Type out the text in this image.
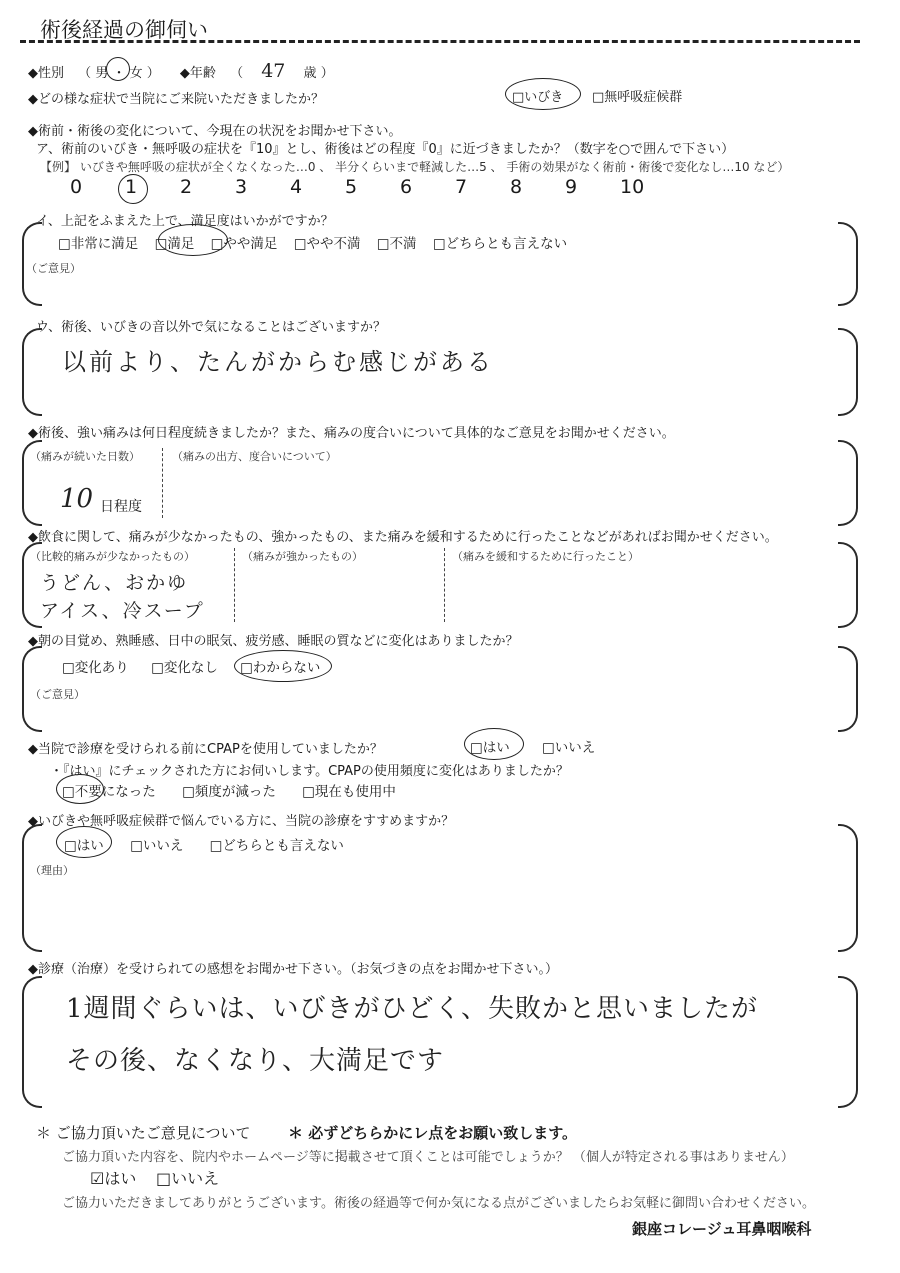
術後経過の御伺い
◆性別 （ 男 ・ 女 ） ◆年齢 （ 47 歳 ）
◆どの様な症状で当院にご来院いただきましたか？	□いびき □無呼吸症候群
◆術前・術後の変化について、今現在の状況をお聞かせ下さい。
ア、術前のいびき・無呼吸の症状を『10』とし、術後はどの程度『0』に近づきましたか？（数字を○で囲んで下さい）
【例】 いびきや無呼吸の症状が全くなくなった…0 、 半分くらいまで軽減した…5 、 手術の効果がなく術前・術後で変化なし…10 など）
0 1 2 3 4 5 6 7 8 9 10
イ、上記をふまえた上で、満足度はいかがですか？
□非常に満足 □満足 □やや満足 □やや不満 □不満 □どちらとも言えない
（ご意見）
ウ、術後、いびきの音以外で気になることはございますか？
以前より、たんがからむ感じがある
◆術後、強い痛みは何日程度続きましたか？また、痛みの度合いについて具体的なご意見をお聞かせください。
（痛みが続いた日数）	（痛みの出方、度合いについて）
10 日程度
◆飲食に関して、痛みが少なかったもの、強かったもの、また痛みを緩和するために行ったことなどがあればお聞かせください。
（比較的痛みが少なかったもの）	（痛みが強かったもの）	（痛みを緩和するために行ったこと）
うどん、おかゆ
アイス、冷スープ
◆朝の目覚め、熟睡感、日中の眠気、疲労感、睡眠の質などに変化はありましたか？
□変化あり □変化なし □わからない
（ご意見）
◆当院で診療を受けられる前にCPAPを使用していましたか？	□はい □いいえ
・『はい』にチェックされた方にお伺いします。CPAPの使用頻度に変化はありましたか？
□不要になった □頻度が減った □現在も使用中
◆いびきや無呼吸症候群で悩んでいる方に、当院の診療をすすめますか？
□はい □いいえ □どちらとも言えない
（理由）
◆診療（治療）を受けられての感想をお聞かせ下さい。（お気づきの点をお聞かせ下さい。）
1週間ぐらいは、いびきがひどく、失敗かと思いましたが
その後、なくなり、大満足です
＊ ご協力頂いたご意見について	＊ 必ずどちらかにレ点をお願い致します。
ご協力頂いた内容を、院内やホームページ等に掲載させて頂くことは可能でしょうか？ （個人が特定される事はありません）
☑はい □いいえ
ご協力いただきましてありがとうございます。術後の経過等で何か気になる点がございましたらお気軽に御問い合わせください。
銀座コレージュ耳鼻咽喉科
